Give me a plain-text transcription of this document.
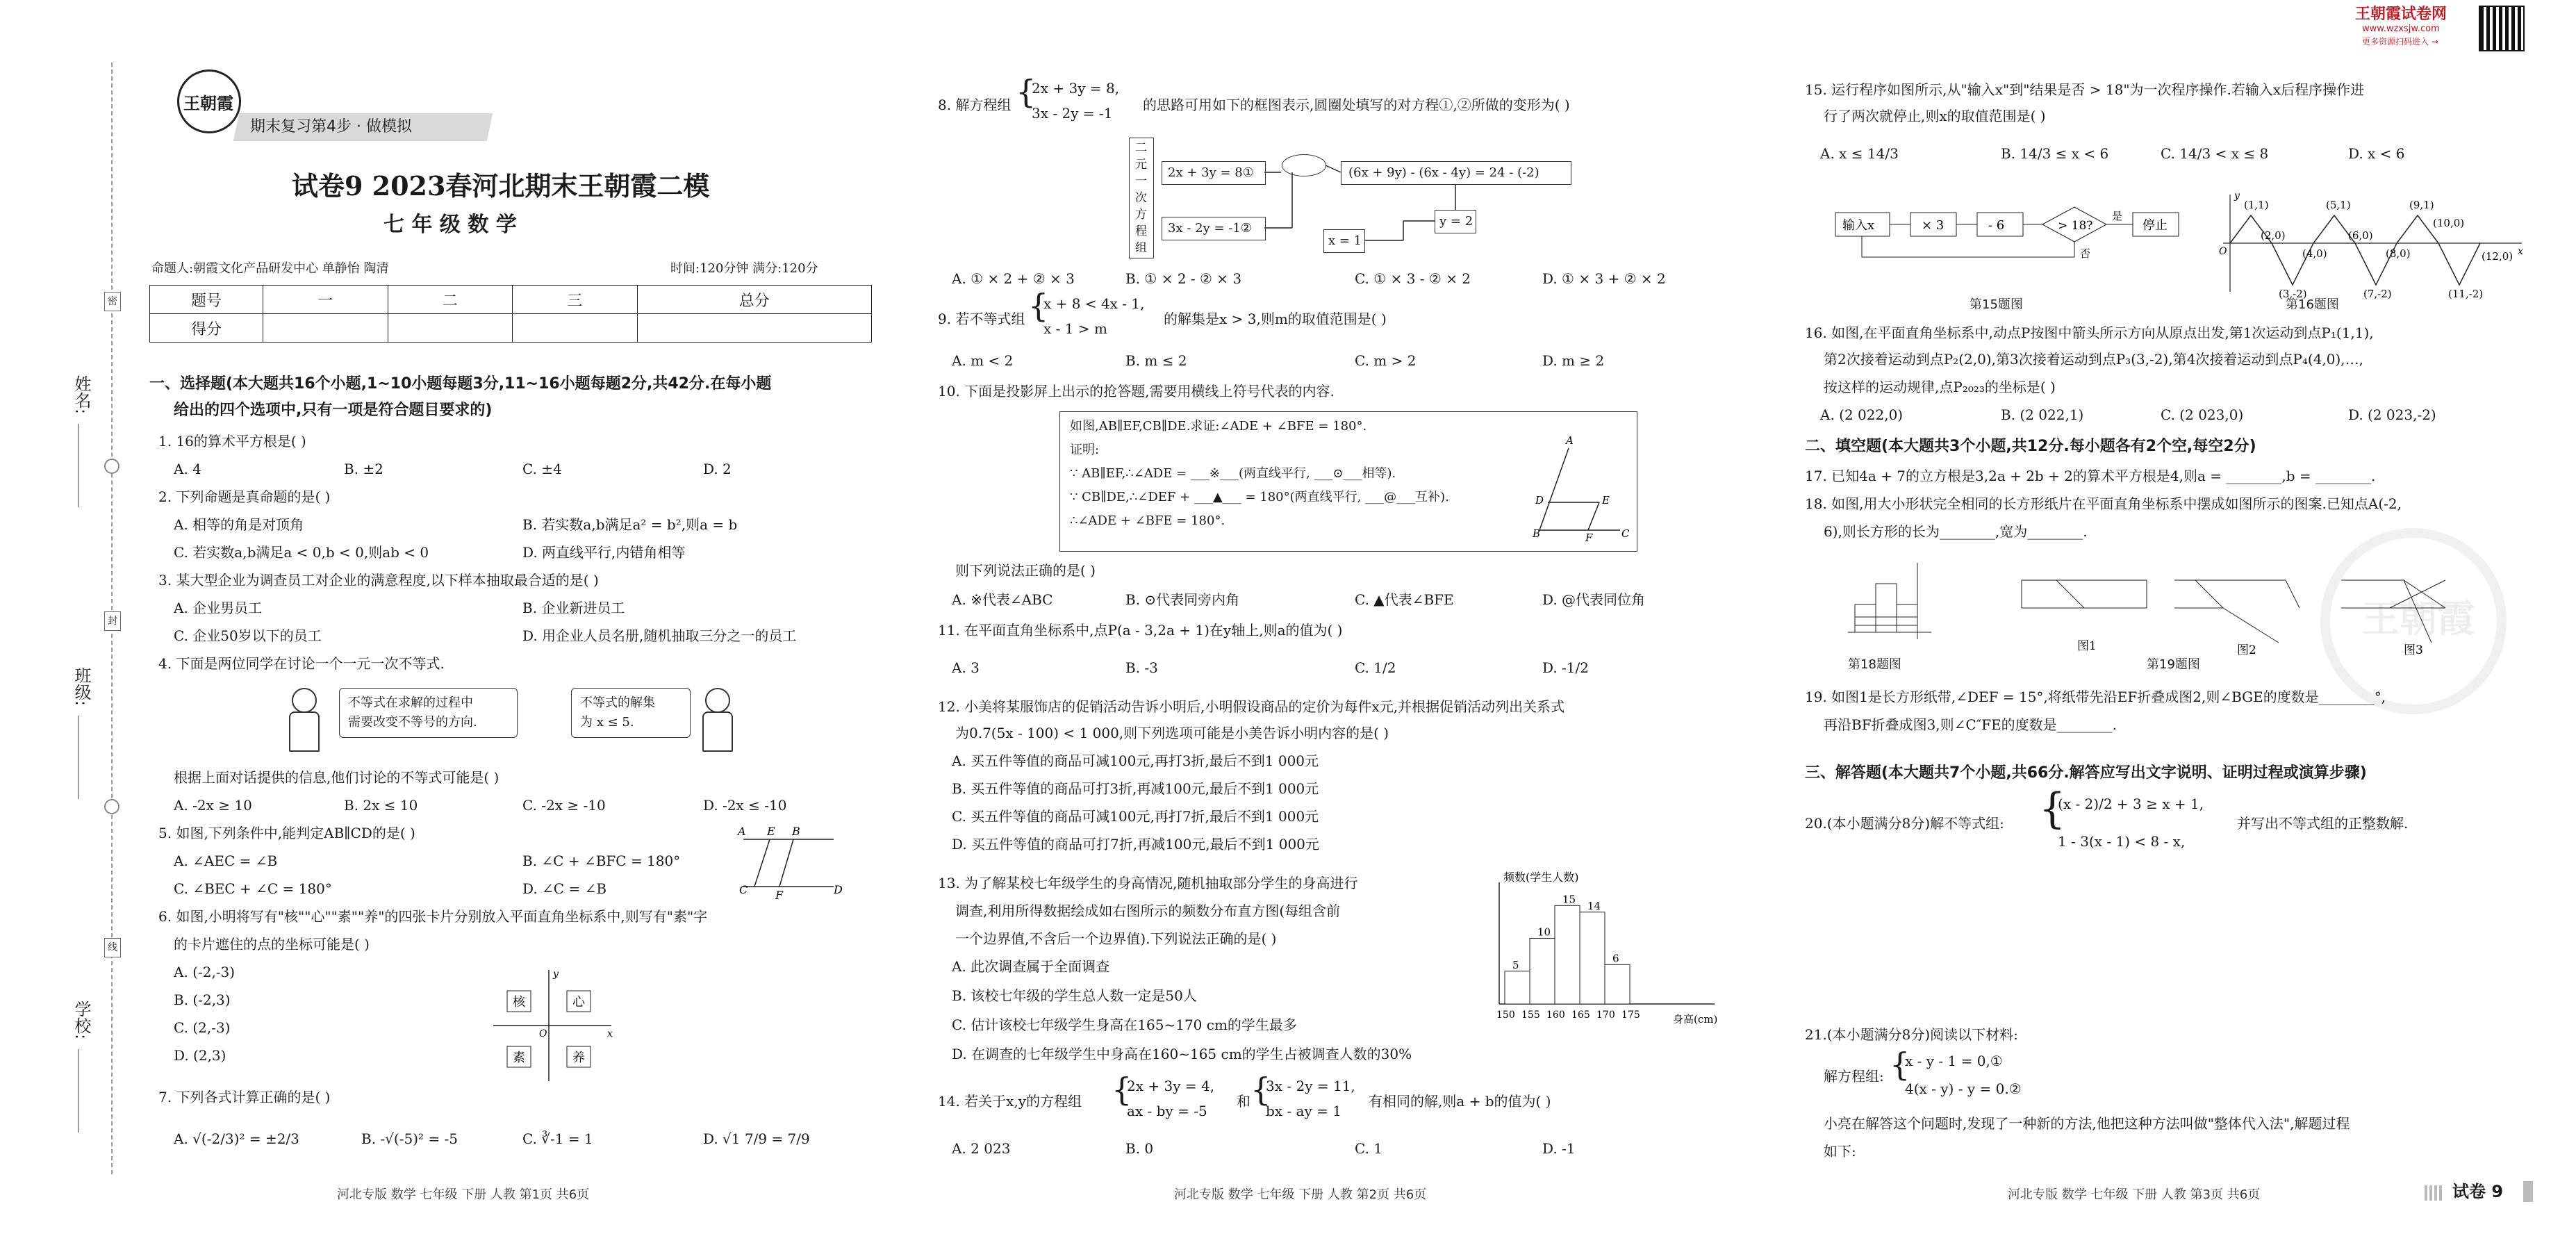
姓名:
班级:
学校:
密
封
线
王朝霞
期末复习第4步 · 做模拟
试卷9 2023春河北期末王朝霞二模
七 年 级 数 学
命题人:朝霞文化产品研发中心 单静怡 陶清	时间:120分钟 满分:120分
题号	一	二	三	总分
得分				
一、选择题(本大题共16个小题,1~10小题每题3分,11~16小题每题2分,共42分.在每小题
给出的四个选项中,只有一项是符合题目要求的)
1. 16的算术平方根是( )
A. 4	B. ±2	C. ±4	D. 2
2. 下列命题是真命题的是( )
A. 相等的角是对顶角	B. 若实数a,b满足a² = b²,则a = b
C. 若实数a,b满足a < 0,b < 0,则ab < 0	D. 两直线平行,内错角相等
3. 某大型企业为调查员工对企业的满意程度,以下样本抽取最合适的是( )
A. 企业男员工	B. 企业新进员工
C. 企业50岁以下的员工	D. 用企业人员名册,随机抽取三分之一的员工
4. 下面是两位同学在讨论一个一元一次不等式.
不等式在求解的过程中
需要改变不等号的方向.
不等式的解集
为 x ≤ 5.
根据上面对话提供的信息,他们讨论的不等式可能是( )
A. -2x ≥ 10	B. 2x ≤ 10	C. -2x ≥ -10	D. -2x ≤ -10
5. 如图,下列条件中,能判定AB∥CD的是( )
A. ∠AEC = ∠B	B. ∠C + ∠BFC = 180°
C. ∠BEC + ∠C = 180°	D. ∠C = ∠B
A E B
C F	D
6. 如图,小明将写有"核""心""素""养"的四张卡片分别放入平面直角坐标系中,则写有"素"字
的卡片遮住的点的坐标可能是( )
A. (-2,-3)
B. (-2,3)
C. (2,-3)
D. (2,3)
核	心
素	养
y
x
O
7. 下列各式计算正确的是( )
A. √(-2/3)² = ±2/3	B. -√(-5)² = -5	C. ∛-1 = 1	D. √1 7/9 = 7/9
河北专版 数学 七年级 下册 人教 第1页 共6页
8. 解方程组 {
2x + 3y = 8,
3x - 2y = -1 的思路可用如下的框图表示,圆圈处填写的对方程①,②所做的变形为( )
二元一次方程组
2x + 3y = 8①
3x - 2y = -1②
(6x + 9y) - (6x - 4y) = 24 - (-2)
y = 2
x = 1
A. ① × 2 + ② × 3	B. ① × 2 - ② × 3	C. ① × 3 - ② × 2	D. ① × 3 + ② × 2
9. 若不等式组 {
x + 8 < 4x - 1,
x - 1 > m
的解集是x > 3,则m的取值范围是( )
A. m < 2	B. m ≤ 2	C. m > 2	D. m ≥ 2
10. 下面是投影屏上出示的抢答题,需要用横线上符号代表的内容.
如图,AB∥EF,CB∥DE.求证:∠ADE + ∠BFE = 180°.
证明:
∵ AB∥EF,∴∠ADE = ___※___(两直线平行, ___⊙___相等).
∵ CB∥DE,∴∠DEF + ___▲___ = 180°(两直线平行, ___@___互补).
∴∠ADE + ∠BFE = 180°.
A
D	E
B	F	C
则下列说法正确的是( )
A. ※代表∠ABC	B. ⊙代表同旁内角	C. ▲代表∠BFE	D. @代表同位角
11. 在平面直角坐标系中,点P(a - 3,2a + 1)在y轴上,则a的值为( )
A. 3	B. -3	C. 1/2	D. -1/2
12. 小美将某服饰店的促销活动告诉小明后,小明假设商品的定价为每件x元,并根据促销活动列出关系式
为0.7(5x - 100) < 1 000,则下列选项可能是小美告诉小明内容的是( )
A. 买五件等值的商品可减100元,再打3折,最后不到1 000元
B. 买五件等值的商品可打3折,再减100元,最后不到1 000元
C. 买五件等值的商品可减100元,再打7折,最后不到1 000元
D. 买五件等值的商品可打7折,再减100元,最后不到1 000元
13. 为了解某校七年级学生的身高情况,随机抽取部分学生的身高进行
调查,利用所得数据绘成如右图所示的频数分布直方图(每组含前
一个边界值,不含后一个边界值).下列说法正确的是( )
A. 此次调查属于全面调查
B. 该校七年级的学生总人数一定是50人
C. 估计该校七年级学生身高在165~170 cm的学生最多
D. 在调查的七年级学生中身高在160~165 cm的学生占被调查人数的30%
频数(学生人数)
身高(cm)
5
10
15
14
6
150 155 160 165 170 175
14. 若关于x,y的方程组 {
2x + 3y = 4,
ax - by = -5
和 {
3x - 2y = 11,
bx - ay = 1
有相同的解,则a + b的值为( )
A. 2 023	B. 0	C. 1	D. -1
河北专版 数学 七年级 下册 人教 第2页 共6页
王朝霞试卷网
www.wzxsjw.com
更多资源扫码进入 →
15. 运行程序如图所示,从"输入x"到"结果是否 > 18"为一次程序操作.若输入x后程序操作进
行了两次就停止,则x的取值范围是( )
A. x ≤ 14/3	B. 14/3 ≤ x < 6	C. 14/3 < x ≤ 8	D. x < 6
输入x	× 3	- 6	> 18?
是
停止
否
第15题图
(1,1)
(2,0)
(5,1)
(6,0)
(9,1)
(10,0)
(4,0)	(8,0)	(12,0)
(3,-2)	(7,-2)	(11,-2)
O	x
y
第16题图
16. 如图,在平面直角坐标系中,动点P按图中箭头所示方向从原点出发,第1次运动到点P₁(1,1),
第2次接着运动到点P₂(2,0),第3次接着运动到点P₃(3,-2),第4次接着运动到点P₄(4,0),…,
按这样的运动规律,点P₂₀₂₃的坐标是( )
A. (2 022,0)	B. (2 022,1)	C. (2 023,0)	D. (2 023,-2)
二、填空题(本大题共3个小题,共12分.每小题各有2个空,每空2分)
17. 已知4a + 7的立方根是3,2a + 2b + 2的算术平方根是4,则a = ________,b = ________.
18. 如图,用大小形状完全相同的长方形纸片在平面直角坐标系中摆成如图所示的图案.已知点A(-2,
6),则长方形的长为________,宽为________.
第18题图
图1	图2	图3
第19题图
19. 如图1是长方形纸带,∠DEF = 15°,将纸带先沿EF折叠成图2,则∠BGE的度数是________°,
再沿BF折叠成图3,则∠C″FE的度数是________.
三、解答题(本大题共7个小题,共66分.解答应写出文字说明、证明过程或演算步骤)
20.(本小题满分8分)解不等式组: {
(x - 2)/2 + 3 ≥ x + 1,
1 - 3(x - 1) < 8 - x,
并写出不等式组的正整数解.
21.(本小题满分8分)阅读以下材料:
解方程组: {
x - y - 1 = 0,①
4(x - y) - y = 0.②
小亮在解答这个问题时,发现了一种新的方法,他把这种方法叫做"整体代入法",解题过程
如下:
河北专版 数学 七年级 下册 人教 第3页 共6页	试卷 9
王朝霞
